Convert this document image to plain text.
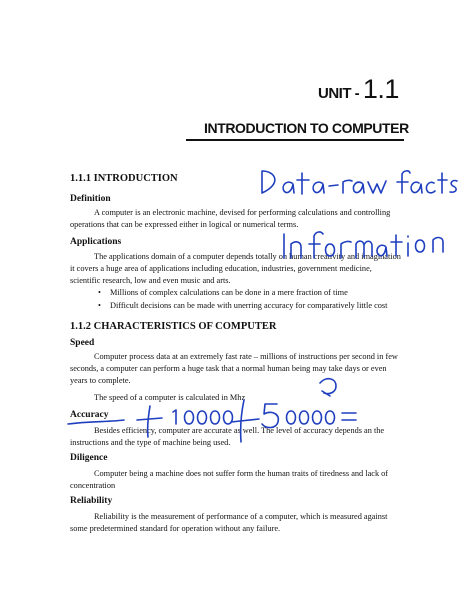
UNIT - 1.1
INTRODUCTION TO COMPUTER
1.1.1 INTRODUCTION
Definition
A computer is an electronic machine, devised for performing calculations and controlling operations that can be expressed either in logical or numerical terms.
Applications
The applications domain of a computer depends totally on human creativity and imagination it covers a huge area of applications including education, industries, government medicine, scientific research, low and even music and arts.
• Millions of complex calculations can be done in a mere fraction of time
• Difficult decisions can be made with unerring accuracy for comparatively little cost
1.1.2 CHARACTERISTICS OF COMPUTER
Speed
Computer process data at an extremely fast rate – millions of instructions per second in few seconds, a computer can perform a huge task that a normal human being may take days or even years to complete.
The speed of a computer is calculated in Mhz
Accuracy
Besides efficiency, computer are accurate as well. The level of accuracy depends an the instructions and the type of machine being used.
Diligence
Computer being a machine does not suffer form the human traits of tiredness and lack of concentration
Reliability
Reliability is the measurement of performance of a computer, which is measured against some predetermined standard for operation without any failure.
